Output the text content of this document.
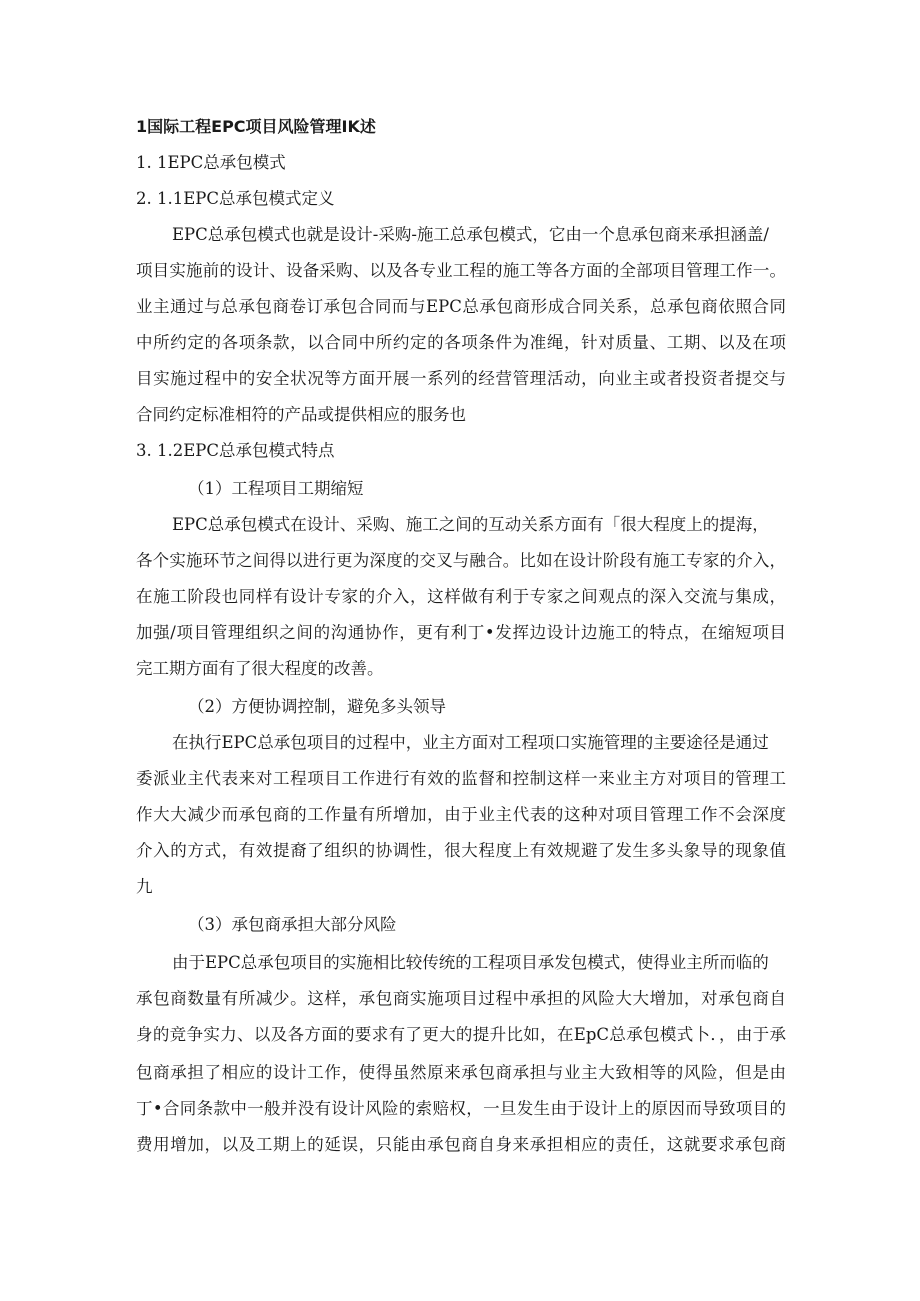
1国际工程EPC项目风险管理IK述
1. 1EPC总承包模式
2. 1.1EPC总承包模式定义
EPC总承包模式也就是设计-采购-施工总承包模式，它由一个息承包商来承担涵盖/
项目实施前的设计、设备采购、以及各专业工程的施工等各方面的全部项目管理工作一。
业主通过与总承包商卷订承包合同而与EPC总承包商形成合同关系，总承包商依照合同
中所约定的各项条款，以合同中所约定的各项条件为准绳，针对质量、工期、以及在项
目实施过程中的安全状况等方面开展一系列的经营管理活动，向业主或者投资者提交与
合同约定标准相符的产品或提供相应的服务也
3. 1.2EPC总承包模式特点
（1）工程项目工期缩短
EPC总承包模式在设计、采购、施工之间的互动关系方面有「很大程度上的提海，
各个实施环节之间得以进行更为深度的交叉与融合。比如在设计阶段有施工专家的介入，
在施工阶段也同样有设计专家的介入，这样做有利于专家之间观点的深入交流与集成，
加强/项目管理组织之间的沟通协作，更有利丁•发挥边设计边施工的特点，在缩短项目
完工期方面有了很大程度的改善。
（2）方便协调控制，避免多头领导
在执行EPC总承包项目的过程中，业主方面对工程项口实施管理的主要途径是通过
委派业主代表来对工程项目工作进行有效的监督和控制这样一来业主方对项目的管理工
作大大减少而承包商的工作量有所增加，由于业主代表的这种对项目管理工作不会深度
介入的方式，有效提裔了组织的协调性，很大程度上有效规避了发生多头象导的现象值
九
（3）承包商承担大部分风险
由于EPC总承包项目的实施相比较传统的工程项目承发包模式，使得业主所而临的
承包商数量有所减少。这样，承包商实施项目过程中承担的风险大大增加，对承包商自
身的竞争实力、以及各方面的要求有了更大的提升比如，在EpC总承包模式卜．，由于承
包商承担了相应的设计工作，使得虽然原来承包商承担与业主大致相等的风险，但是由
丁•合同条款中一般并没有设计风险的索赔权，一旦发生由于设计上的原因而导致项目的
费用增加，以及工期上的延误，只能由承包商自身来承担相应的责任，这就要求承包商
